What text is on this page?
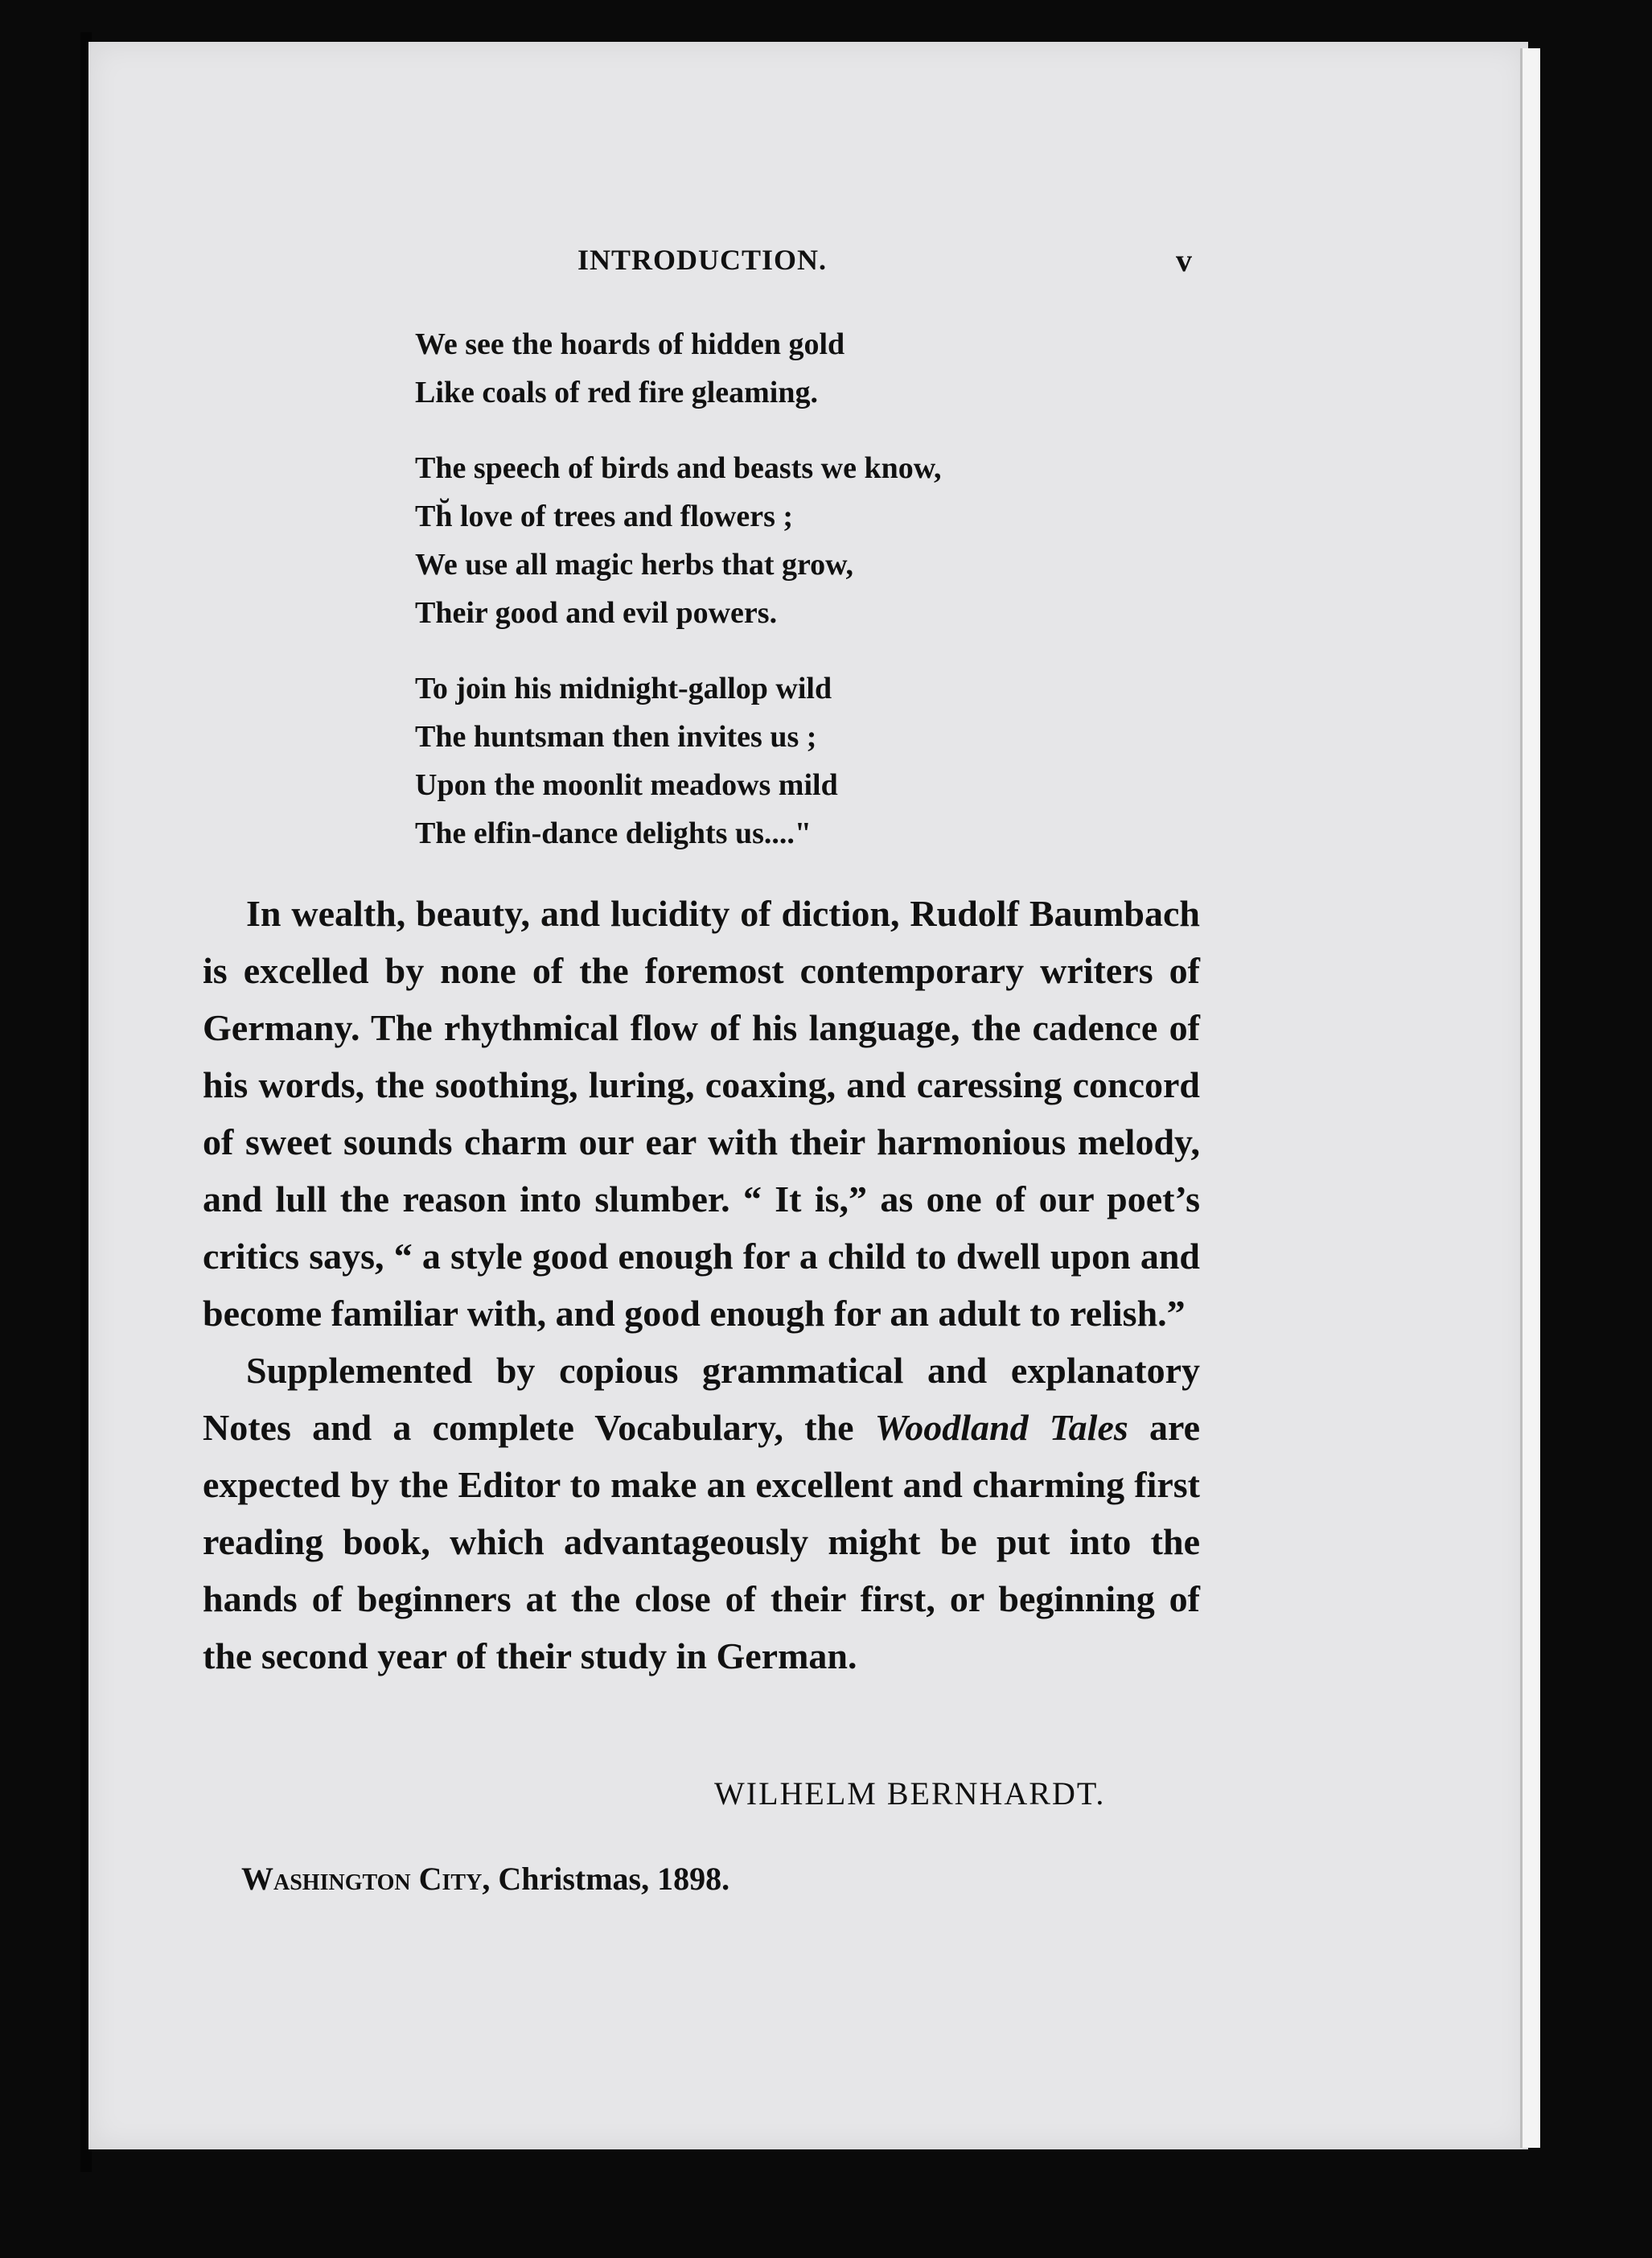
INTRODUCTION.	v
We see the hoards of hidden gold
Like coals of red fire gleaming.
The speech of birds and beasts we know,
Th̆ love of trees and flowers ;
We use all magic herbs that grow,
Their good and evil powers.
To join his midnight-gallop wild
The huntsman then invites us ;
Upon the moonlit meadows mild
The elfin-dance delights us...."

In wealth, beauty, and lucidity of diction, Rudolf Baumbach is excelled by none of the foremost contemporary writers of Germany. The rhythmical flow of his language, the cadence of his words, the soothing, luring, coaxing, and caressing concord of sweet sounds charm our ear with their harmonious melody, and lull the reason into slumber. “ It is,” as one of our poet’s critics says, “ a style good enough for a child to dwell upon and become familiar with, and good enough for an adult to relish.”

Supplemented by copious grammatical and explanatory Notes and a complete Vocabulary, the Woodland Tales are expected by the Editor to make an excellent and charming first reading book, which advantageously might be put into the hands of beginners at the close of their first, or beginning of the second year of their study in German.

WILHELM BERNHARDT.
Washington City, Christmas, 1898.
